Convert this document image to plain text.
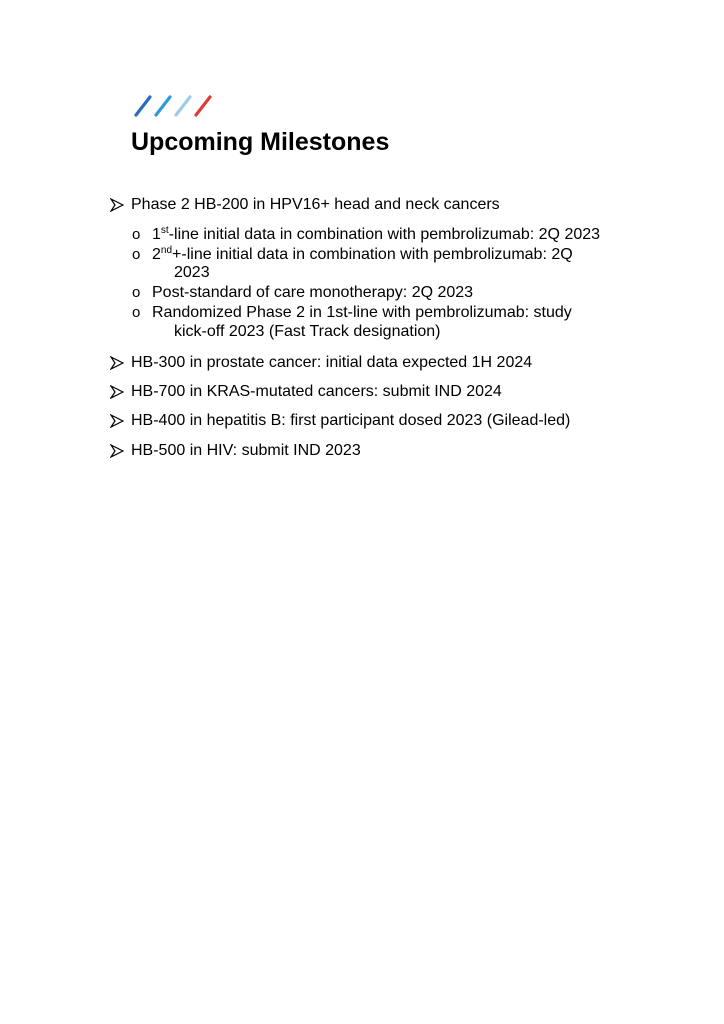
Upcoming Milestones
Phase 2 HB-200 in HPV16+ head and neck cancers
o 1st-line initial data in combination with pembrolizumab: 2Q 2023
o 2nd+-line initial data in combination with pembrolizumab: 2Q
2023
o Post-standard of care monotherapy: 2Q 2023
o Randomized Phase 2 in 1st-line with pembrolizumab: study
kick-off 2023 (Fast Track designation)
HB-300 in prostate cancer: initial data expected 1H 2024
HB-700 in KRAS-mutated cancers: submit IND 2024
HB-400 in hepatitis B: first participant dosed 2023 (Gilead-led)
HB-500 in HIV: submit IND 2023
